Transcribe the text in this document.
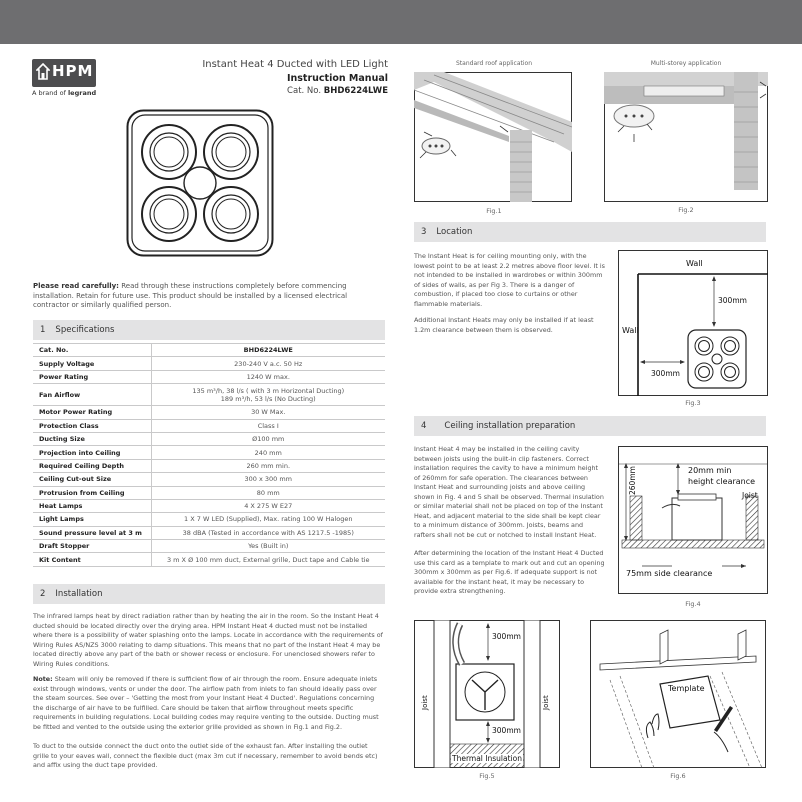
HPM
A brand of legrand
Instant Heat 4 Ducted with LED Light
Instruction Manual
Cat. No. BHD6224LWE
Please read carefully: Read through these instructions completely before commencing installation. Retain for future use. This product should be installed by a licensed electrical contractor or similarly qualified person.
1 Specifications
Cat. No.	BHD6224LWE
Supply Voltage	230-240 V a.c. 50 Hz
Power Rating	1240 W max.
Fan Airflow	135 m³/h, 38 l/s ( with 3 m Horizontal Ducting)
189 m³/h, 53 l/s (No Ducting)

Motor Power Rating	30 W Max.
Protection Class	Class I
Ducting Size	Ø100 mm
Projection into Ceiling	240 mm
Required Ceiling Depth	260 mm min.
Ceiling Cut-out Size	300 x 300 mm
Protrusion from Ceiling	80 mm
Heat Lamps	4 X 275 W E27
Light Lamps	1 X 7 W LED (Supplied), Max. rating 100 W Halogen
Sound pressure level at 3 m	38 dBA (Tested in accordance with AS 1217.5 -1985)
Draft Stopper	Yes (Built in)
Kit Content	3 m X Ø 100 mm duct, External grille, Duct tape and Cable tie
2 Installation
The infrared lamps heat by direct radiation rather than by heating the air in the room. So the Instant Heat 4 ducted should be located directly over the drying area. HPM Instant Heat 4 ducted must not be installed where there is a possibility of water splashing onto the lamps. Locate in accordance with the requirements of Wiring Rules AS/NZS 3000 relating to damp situations. This means that no part of the Instant Heat 4 may be located directly above any part of the bath or shower recess or enclosure. For unenclosed showers refer to Wiring Rules conditions.
Note: Steam will only be removed if there is sufficient flow of air through the room. Ensure adequate inlets exist through windows, vents or under the door. The airflow path from inlets to fan should ideally pass over the steam sources. See over – 'Getting the most from your Instant Heat 4 Ducted'. Regulations concerning the discharge of air have to be fulfilled. Care should be taken that airflow throughout meets specific requirements in building regulations. Local building codes may require venting to the outside. Ducting must be fitted and vented to the outside using the exterior grille provided as shown in Fig.1 and Fig.2.
To duct to the outside connect the duct onto the outlet side of the exhaust fan. After installing the outlet grille to your eaves wall, connect the flexible duct (max 3m cut if necessary, remember to avoid bends etc) and affix using the duct tape provided.
Standard roof application	Multi-storey application
Fig.1	Fig.2
3 Location
The Instant Heat is for ceiling mounting only, with the lowest point to be at least 2.2 metres above floor level. It is not intended to be installed in wardrobes or within 300mm of sides of walls, as per Fig 3. There is a danger of combustion, if placed too close to curtains or other flammable materials.
Additional Instant Heats may only be installed if at least 1.2m clearance between them is observed.
Wall
Wall
300mm
300mm
Fig.3
4 Ceiling installation preparation
Instant Heat 4 may be installed in the ceiling cavity between joists using the built-in clip fasteners. Correct installation requires the cavity to have a minimum height of 260mm for safe operation. The clearances between Instant Heat and surrounding joists and above ceiling shown in Fig. 4 and 5 shall be observed. Thermal insulation or similar material shall not be placed on top of the Instant Heat, and adjacent material to the side shall be kept clear to a minimum distance of 300mm. Joists, beams and rafters shall not be cut or notched to install Instant Heat.
After determining the location of the Instant Heat 4 Ducted use this card as a template to mark out and cut an opening 300mm x 300mm as per Fig.6. If adequate support is not available for the instant heat, it may be necessary to provide extra strengthening.
260mm	20mm min
height clearance
Joist
75mm side clearance
Fig.4
300mm
300mm
Joist	Joist
Thermal Insulation
Fig.5
Template
Fig.6
